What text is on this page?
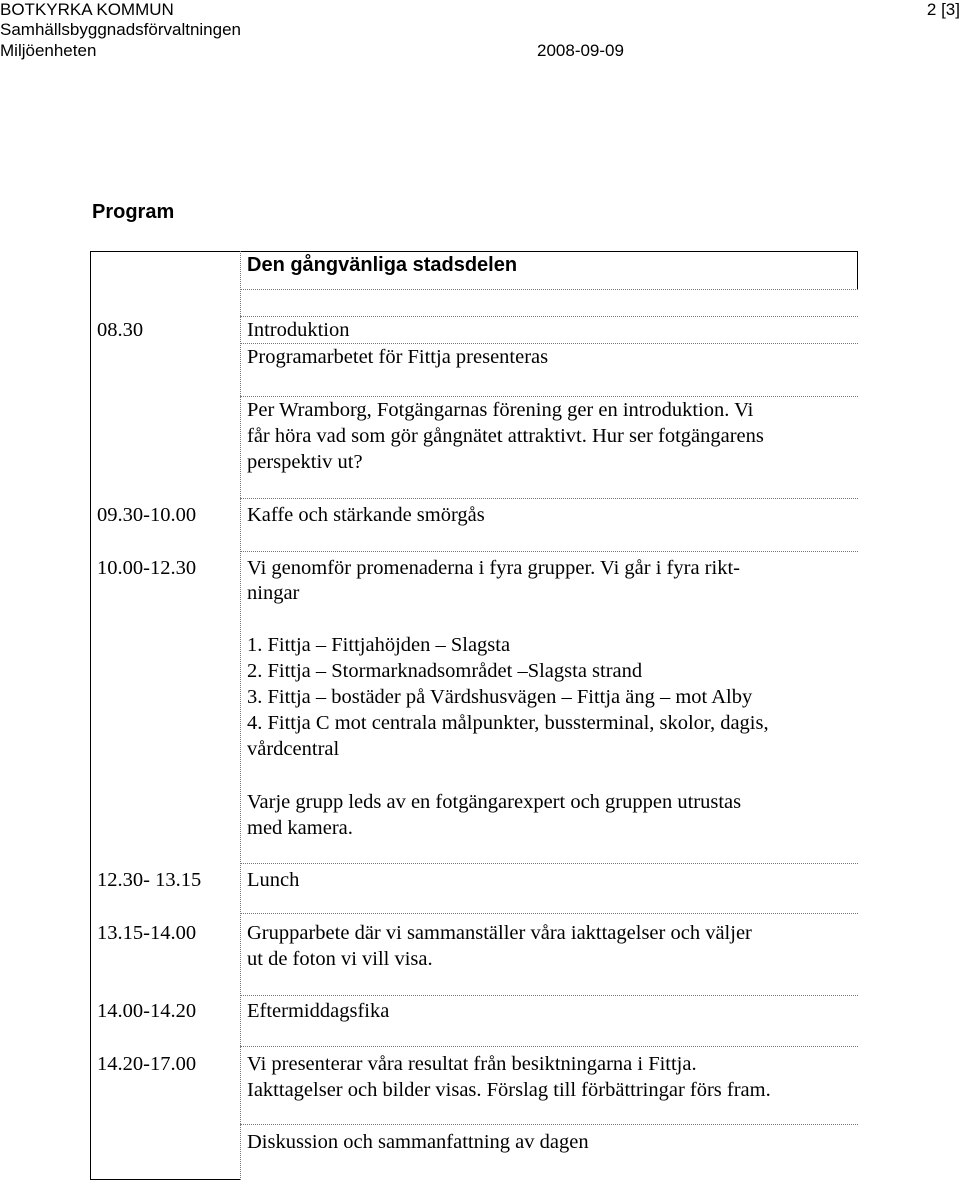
BOTKYRKA KOMMUN	2 [3]
Samhällsbyggnadsförvaltningen
Miljöenheten	2008-09-09
Program
Den gångvänliga stadsdelen
08.30	Introduktion
Programarbetet för Fittja presenteras
Per Wramborg, Fotgängarnas förening ger en introduktion. Vi
får höra vad som gör gångnätet attraktivt. Hur ser fotgängarens
perspektiv ut?
09.30-10.00 Kaffe och stärkande smörgås
10.00-12.30 Vi genomför promenaderna i fyra grupper. Vi går i fyra rikt-
ningar
1. Fittja – Fittjahöjden – Slagsta
2. Fittja – Stormarknadsområdet –Slagsta strand
3. Fittja – bostäder på Värdshusvägen – Fittja äng – mot Alby
4. Fittja C mot centrala målpunkter, bussterminal, skolor, dagis,
vårdcentral
Varje grupp leds av en fotgängarexpert och gruppen utrustas
med kamera.
12.30- 13.15 Lunch
13.15-14.00 Grupparbete där vi sammanställer våra iakttagelser och väljer
ut de foton vi vill visa.
14.00-14.20 Eftermiddagsfika
14.20-17.00 Vi presenterar våra resultat från besiktningarna i Fittja.
Iakttagelser och bilder visas. Förslag till förbättringar förs fram.
Diskussion och sammanfattning av dagen
